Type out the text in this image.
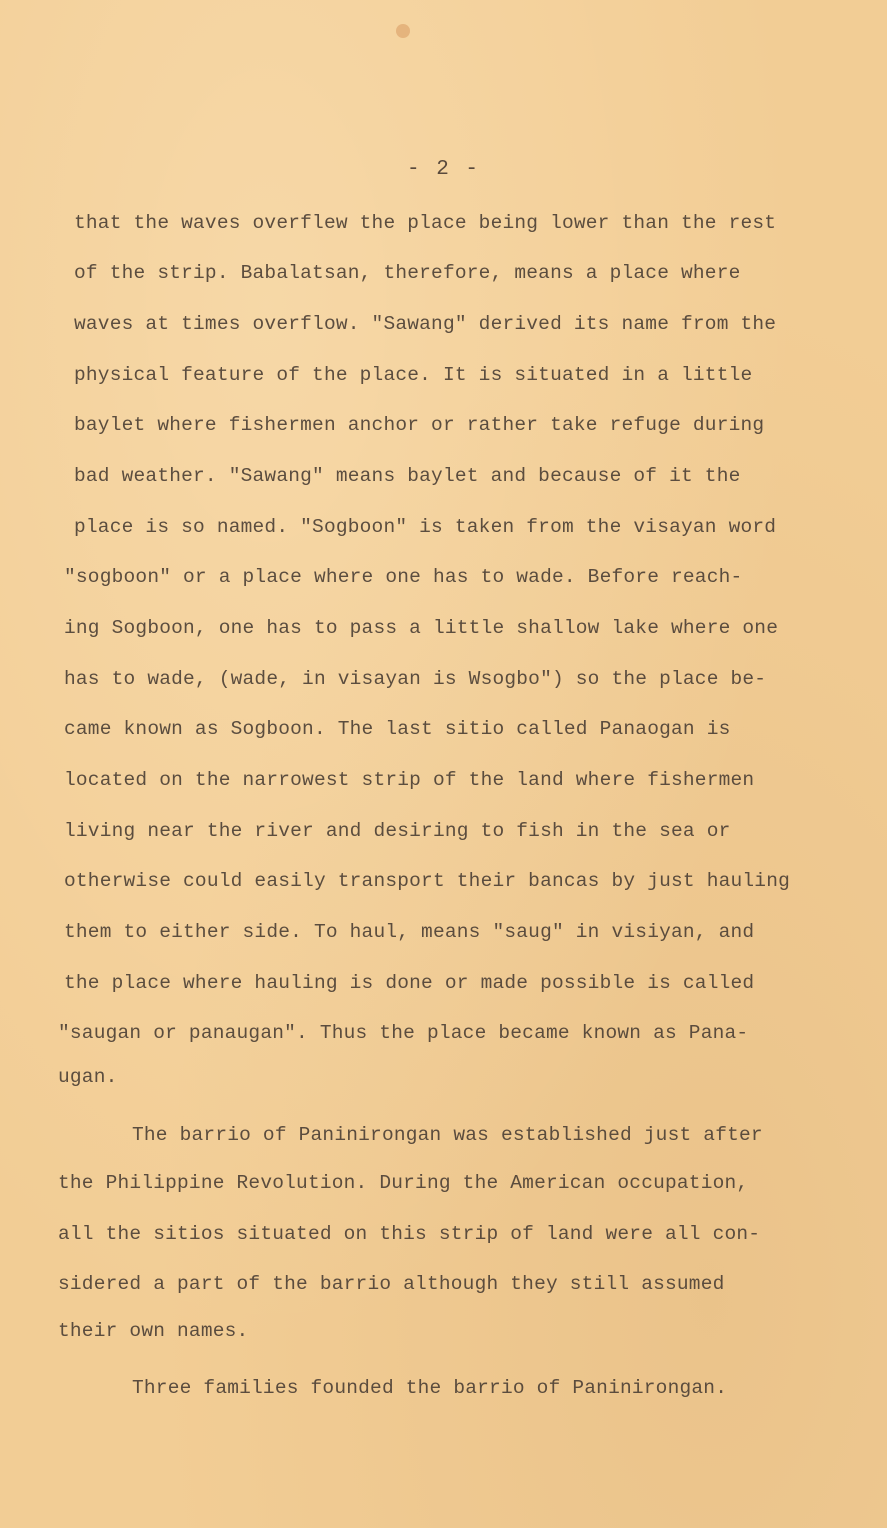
- 2 -
that the waves overflew the place being lower than the rest
of the strip. Babalatsan, therefore, means a place where
waves at times overflow. "Sawang" derived its name from the
physical feature of the place. It is situated in a little
baylet where fishermen anchor or rather take refuge during
bad weather. "Sawang" means baylet and because of it the
place is so named. "Sogboon" is taken from the visayan word
"sogboon" or a place where one has to wade. Before reach-
ing Sogboon, one has to pass a little shallow lake where one
has to wade, (wade, in visayan is Wsogbo") so the place be-
came known as Sogboon. The last sitio called Panaogan is
located on the narrowest strip of the land where fishermen
living near the river and desiring to fish in the sea or
otherwise could easily transport their bancas by just hauling
them to either side. To haul, means "saug" in visiyan, and
the place where hauling is done or made possible is called
"saugan or panaugan". Thus the place became known as Pana-
ugan.
The barrio of Paninirongan was established just after
the Philippine Revolution. During the American occupation,
all the sitios situated on this strip of land were all con-
sidered a part of the barrio although they still assumed
their own names.
Three families founded the barrio of Paninirongan.
